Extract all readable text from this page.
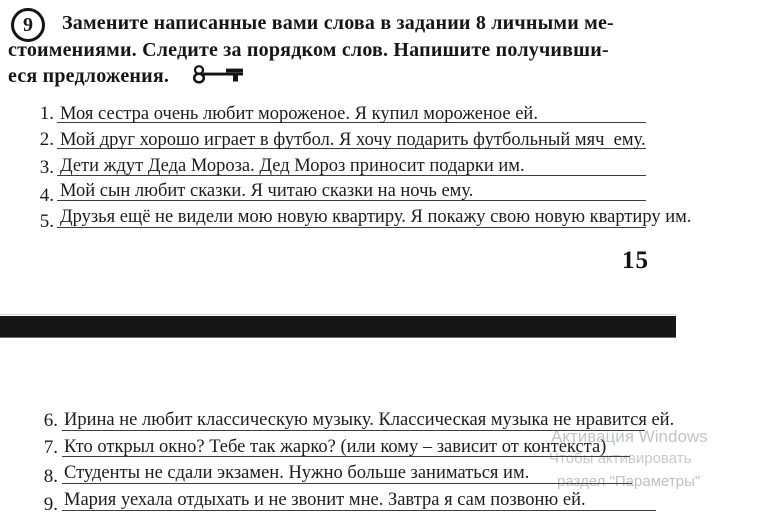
9 Замените написанные вами слова в задании 8 личными ме-
стоимениями. Следите за порядком слов. Напишите получивши-
еся предложения.
1. Моя сестра очень любит мороженое. Я купил мороженое ей.
2. Мой друг хорошо играет в футбол. Я хочу подарить футбольный мяч  ему.
3. Дети ждут Деда Мороза. Дед Мороз приносит подарки им.
4. Мой сын любит сказки. Я читаю сказки на ночь ему.
5. Друзья ещё не видели мою новую квартиру. Я покажу свою новую квартиру им.
15
Активация Windows
Чтобы активировать
раздел "Параметры"
6. Ирина не любит классическую музыку. Классическая музыка не нравится ей.
7. Кто открыл окно? Тебе так жарко? (или кому – зависит от контекста)
8. Студенты не сдали экзамен. Нужно больше заниматься им.
9. Мария уехала отдыхать и не звонит мне. Завтра я сам позвоню ей.
